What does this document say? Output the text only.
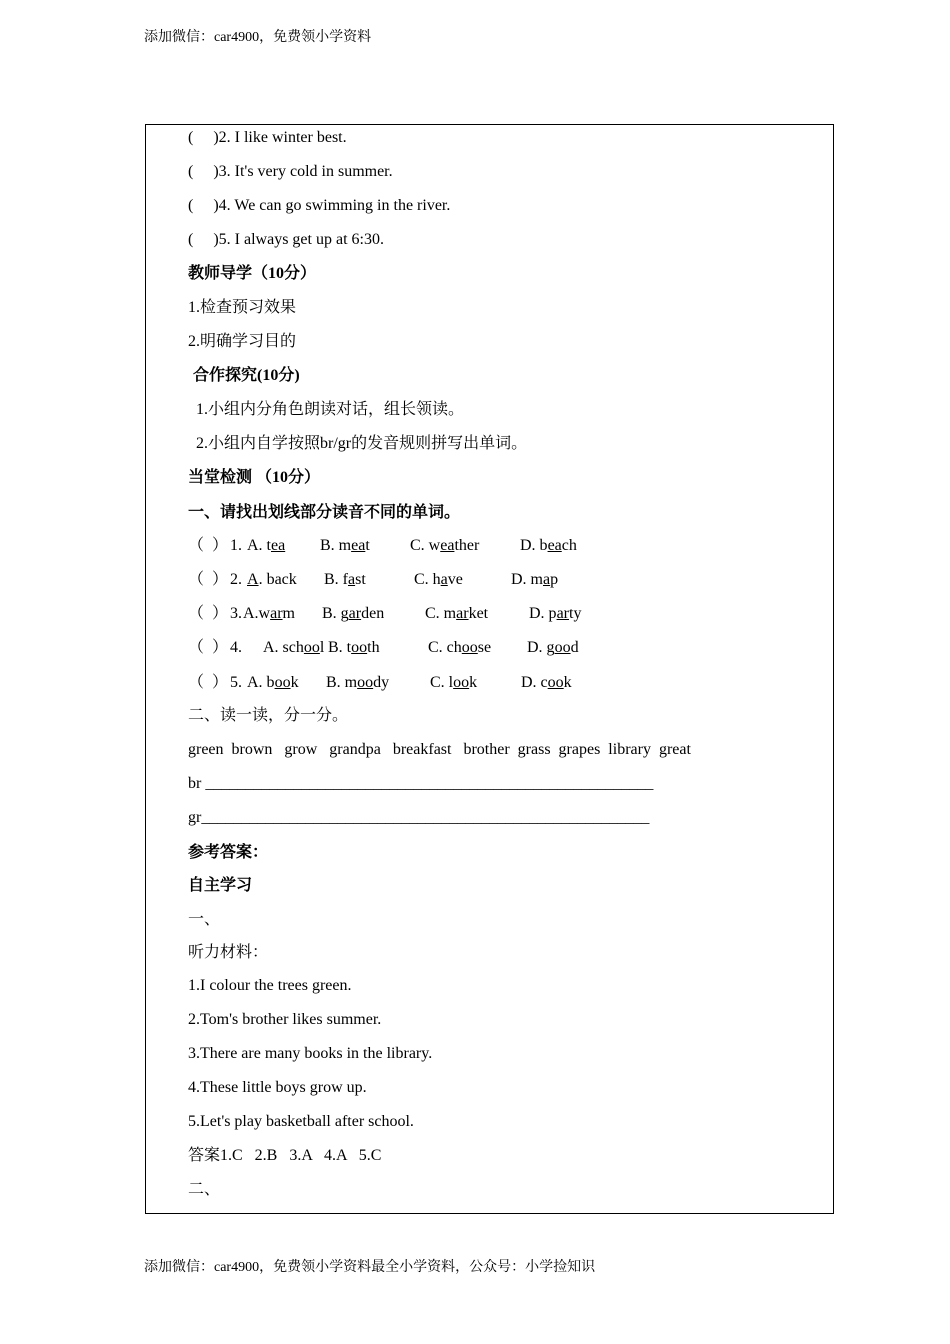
添加微信：car4900，免费领小学资料
(     )2. I like winter best.
(     )3. It's very cold in summer.
(     )4. We can go swimming in the river.
(     )5. I always get up at 6:30.
教师导学（10分）
1.检查预习效果
2.明确学习目的
合作探究(10分)
1.小组内分角色朗读对话，组长领读。
2.小组内自学按照br/gr的发音规则拼写出单词。
当堂检测 （10分）
一、请找出划线部分读音不同的单词。
（  ） 1. A. tea B. meat	C. weather	D. beach
（  ） 2. A. back B. fast	C. have	D. map
（  ） 3. A.warm B. garden	C. market	D. party
（  ） 4. A. school B. tooth	C. choose D. good
（  ） 5. A. book B. moody	C. look	D. cook
二、读一读，分一分。
green  brown   grow   grandpa   breakfast   brother  grass  grapes  library  great
br ________________________________________________________
gr________________________________________________________
参考答案：
自主学习
一、
听力材料：
1.I colour the trees green.
2.Tom's brother likes summer.
3.There are many books in the library.
4.These little boys grow up.
5.Let's play basketball after school.
答案1.C   2.B   3.A   4.A   5.C
二、
添加微信：car4900，免费领小学资料最全小学资料，公众号：小学捡知识
